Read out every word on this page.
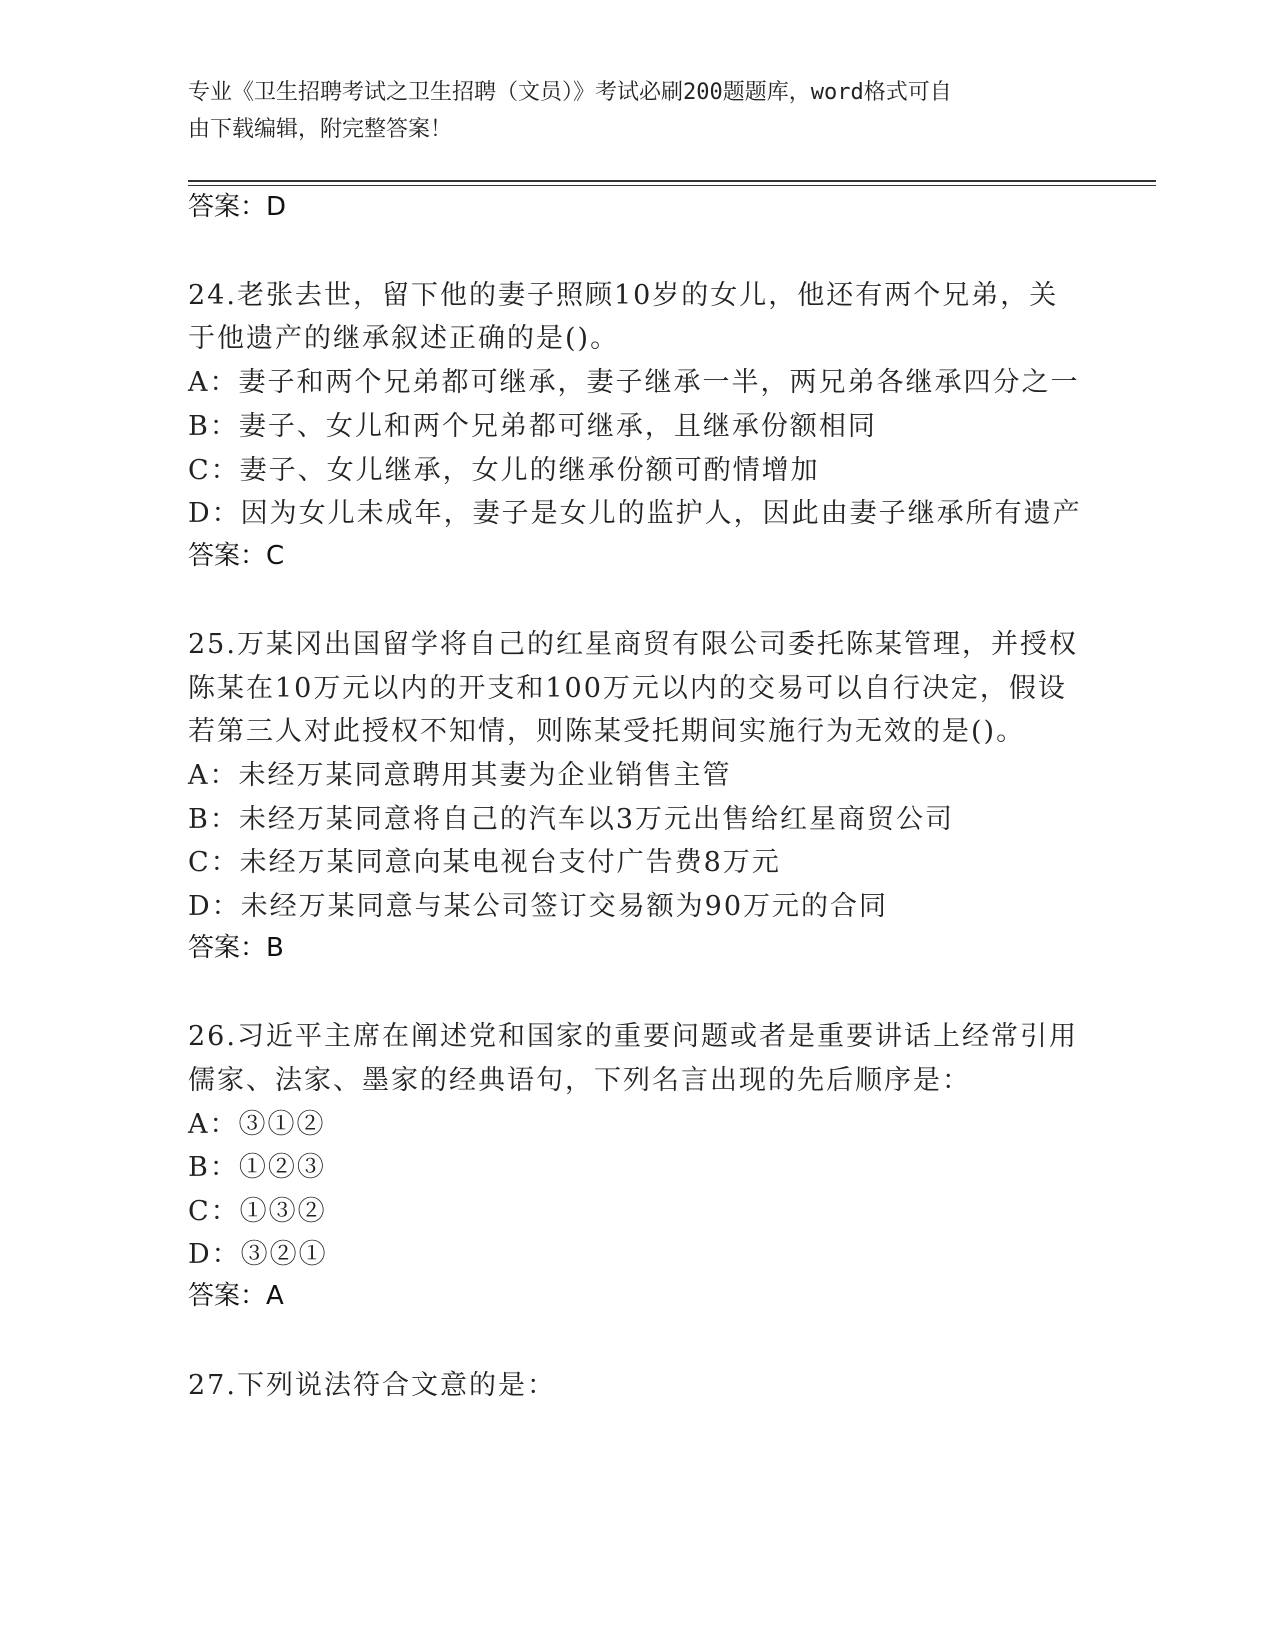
专业《卫生招聘考试之卫生招聘（文员）》考试必刷200题题库，word格式可自
由下载编辑，附完整答案！
答案：D
24.老张去世，留下他的妻子照顾10岁的女儿，他还有两个兄弟，关
于他遗产的继承叙述正确的是()。
A：妻子和两个兄弟都可继承，妻子继承一半，两兄弟各继承四分之一
B：妻子、女儿和两个兄弟都可继承，且继承份额相同
C：妻子、女儿继承，女儿的继承份额可酌情增加
D：因为女儿未成年，妻子是女儿的监护人，因此由妻子继承所有遗产
答案：C
25.万某冈出国留学将自己的红星商贸有限公司委托陈某管理，并授权
陈某在10万元以内的开支和100万元以内的交易可以自行决定，假设
若第三人对此授权不知情，则陈某受托期间实施行为无效的是()。
A：未经万某同意聘用其妻为企业销售主管
B：未经万某同意将自己的汽车以3万元出售给红星商贸公司
C：未经万某同意向某电视台支付广告费8万元
D：未经万某同意与某公司签订交易额为90万元的合同
答案：B
26.习近平主席在阐述党和国家的重要问题或者是重要讲话上经常引用
儒家、法家、墨家的经典语句，下列名言出现的先后顺序是：
A：③①②
B：①②③
C：①③②
D：③②①
答案：A
27.下列说法符合文意的是：
